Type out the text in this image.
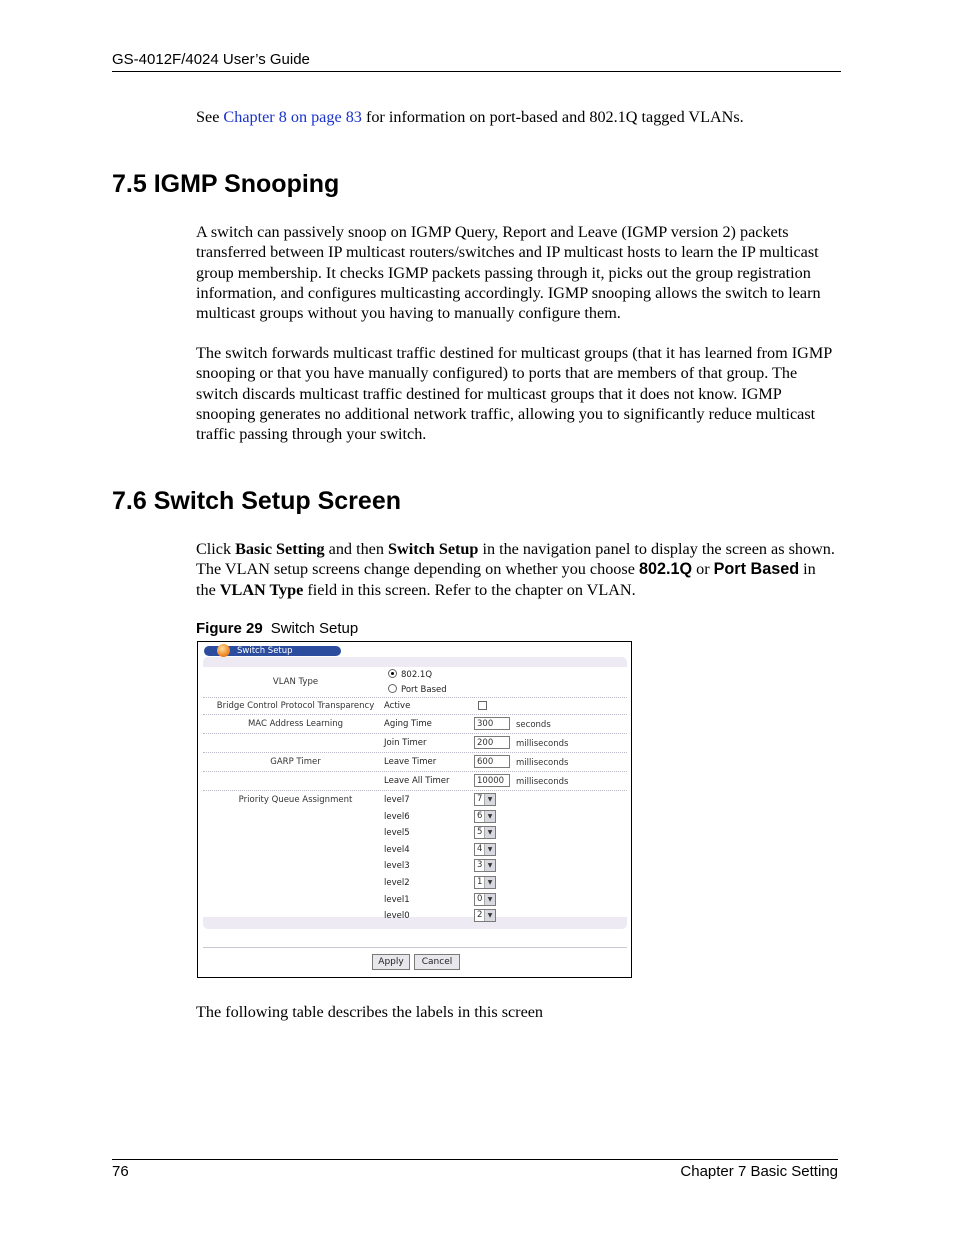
GS-4012F/4024 User’s Guide

See Chapter 8 on page 83 for information on port-based and 802.1Q tagged VLANs.

7.5 IGMP Snooping

A switch can passively snoop on IGMP Query, Report and Leave (IGMP version 2) packets transferred between IP multicast routers/switches and IP multicast hosts to learn the IP multicast group membership. It checks IGMP packets passing through it, picks out the group registration information, and configures multicasting accordingly. IGMP snooping allows the switch to learn multicast groups without you having to manually configure them.

The switch forwards multicast traffic destined for multicast groups (that it has learned from IGMP snooping or that you have manually configured) to ports that are members of that group. The switch discards multicast traffic destined for multicast groups that it does not know. IGMP snooping generates no additional network traffic, allowing you to significantly reduce multicast traffic passing through your switch.

7.6 Switch Setup Screen

Click Basic Setting and then Switch Setup in the navigation panel to display the screen as shown. The VLAN setup screens change depending on whether you choose 802.1Q or Port Based in the VLAN Type field in this screen. Refer to the chapter on VLAN.

Figure 29 Switch Setup
Switch Setup
VLAN Type
802.1Q
Port Based
Bridge Control Protocol Transparency	Active
MAC Address Learning	Aging Time	300	seconds
Join Timer	200	milliseconds
GARP Timer	Leave Timer	600	milliseconds
Leave All Timer	10000	milliseconds
Priority Queue Assignment	level7	7 ▼
level6	6 ▼
level5	5 ▼
level4	4 ▼
level3	3 ▼
level2	1 ▼
level1	0 ▼
level0	2 ▼
Apply	Cancel

The following table describes the labels in this screen

76	Chapter 7 Basic Setting
